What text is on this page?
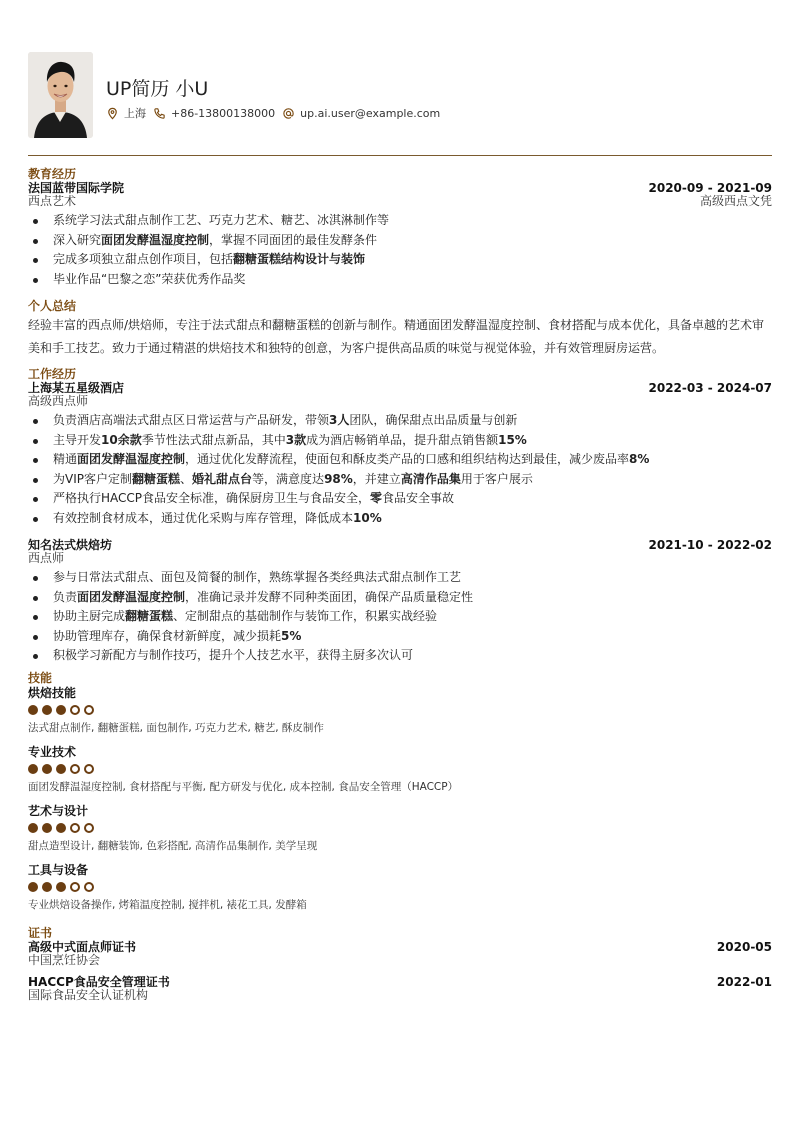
UP简历 小U
上海 +86-13800138000 up.ai.user@example.com
教育经历
法国蓝带国际学院	2020-09 - 2021-09
西点艺术	高级西点文凭
系统学习法式甜点制作工艺、巧克力艺术、糖艺、冰淇淋制作等
深入研究面团发酵温湿度控制，掌握不同面团的最佳发酵条件
完成多项独立甜点创作项目，包括翻糖蛋糕结构设计与装饰
毕业作品“巴黎之恋”荣获优秀作品奖
个人总结
经验丰富的西点师/烘焙师，专注于法式甜点和翻糖蛋糕的创新与制作。精通面团发酵温湿度控制、食材搭配与成本优化，具备卓越的艺术审美和手工技艺。致力于通过精湛的烘焙技术和独特的创意，为客户提供高品质的味觉与视觉体验，并有效管理厨房运营。
工作经历
上海某五星级酒店	2022-03 - 2024-07
高级西点师
负责酒店高端法式甜点区日常运营与产品研发，带领3人团队，确保甜点出品质量与创新
主导开发10余款季节性法式甜点新品，其中3款成为酒店畅销单品，提升甜点销售额15%
精通面团发酵温湿度控制，通过优化发酵流程，使面包和酥皮类产品的口感和组织结构达到最佳，减少废品率8%
为VIP客户定制翻糖蛋糕、婚礼甜点台等，满意度达98%，并建立高清作品集用于客户展示
严格执行HACCP食品安全标准，确保厨房卫生与食品安全，零食品安全事故
有效控制食材成本，通过优化采购与库存管理，降低成本10%
知名法式烘焙坊	2021-10 - 2022-02
西点师
参与日常法式甜点、面包及简餐的制作，熟练掌握各类经典法式甜点制作工艺
负责面团发酵温湿度控制，准确记录并发酵不同种类面团，确保产品质量稳定性
协助主厨完成翻糖蛋糕、定制甜点的基础制作与装饰工作，积累实战经验
协助管理库存，确保食材新鲜度，减少损耗5%
积极学习新配方与制作技巧，提升个人技艺水平，获得主厨多次认可
技能
烘焙技能
法式甜点制作, 翻糖蛋糕, 面包制作, 巧克力艺术, 糖艺, 酥皮制作
专业技术
面团发酵温湿度控制, 食材搭配与平衡, 配方研发与优化, 成本控制, 食品安全管理（HACCP）
艺术与设计
甜点造型设计, 翻糖装饰, 色彩搭配, 高清作品集制作, 美学呈现
工具与设备
专业烘焙设备操作, 烤箱温度控制, 搅拌机, 裱花工具, 发酵箱
证书
高级中式面点师证书	2020-05
中国烹饪协会
HACCP食品安全管理证书	2022-01
国际食品安全认证机构
